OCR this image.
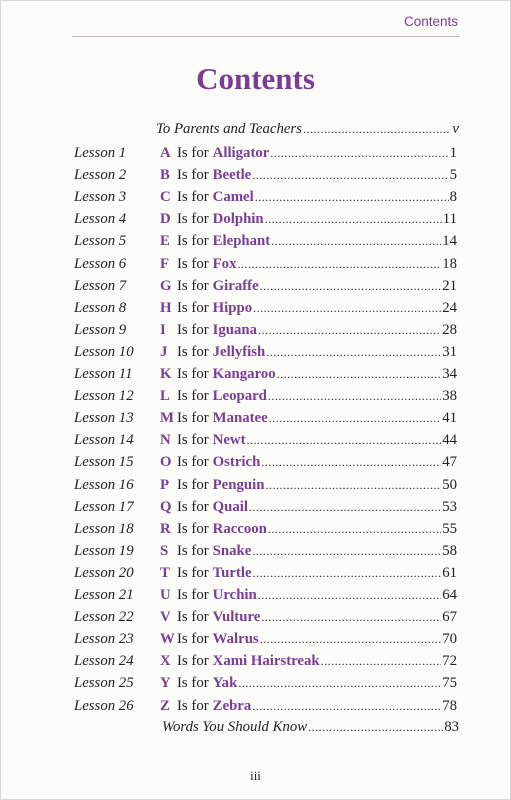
Contents
Contents
To Parents and Teachers .....	v
Lesson 1 A Is for Alligator .....	1
Lesson 2 B Is for Beetle .....	5
Lesson 3 C Is for Camel .....	8
Lesson 4 D Is for Dolphin .....	11
Lesson 5 E Is for Elephant .....	14
Lesson 6 F Is for Fox .....	18
Lesson 7 G Is for Giraffe .....	21
Lesson 8 H Is for Hippo .....	24
Lesson 9 I Is for Iguana .....	28
Lesson 10 J Is for Jellyfish .....	31
Lesson 11 K Is for Kangaroo .....	34
Lesson 12 L Is for Leopard .....	38
Lesson 13 M Is for Manatee .....	41
Lesson 14 N Is for Newt .....	44
Lesson 15 O Is for Ostrich .....	47
Lesson 16 P Is for Penguin .....	50
Lesson 17 Q Is for Quail .....	53
Lesson 18 R Is for Raccoon .....	55
Lesson 19 S Is for Snake .....	58
Lesson 20 T Is for Turtle .....	61
Lesson 21 U Is for Urchin .....	64
Lesson 22 V Is for Vulture .....	67
Lesson 23 W Is for Walrus .....	70
Lesson 24 X Is for Xami Hairstreak .....	72
Lesson 25 Y Is for Yak .....	75
Lesson 26 Z Is for Zebra .....	78
Words You Should Know .....	83
iii
